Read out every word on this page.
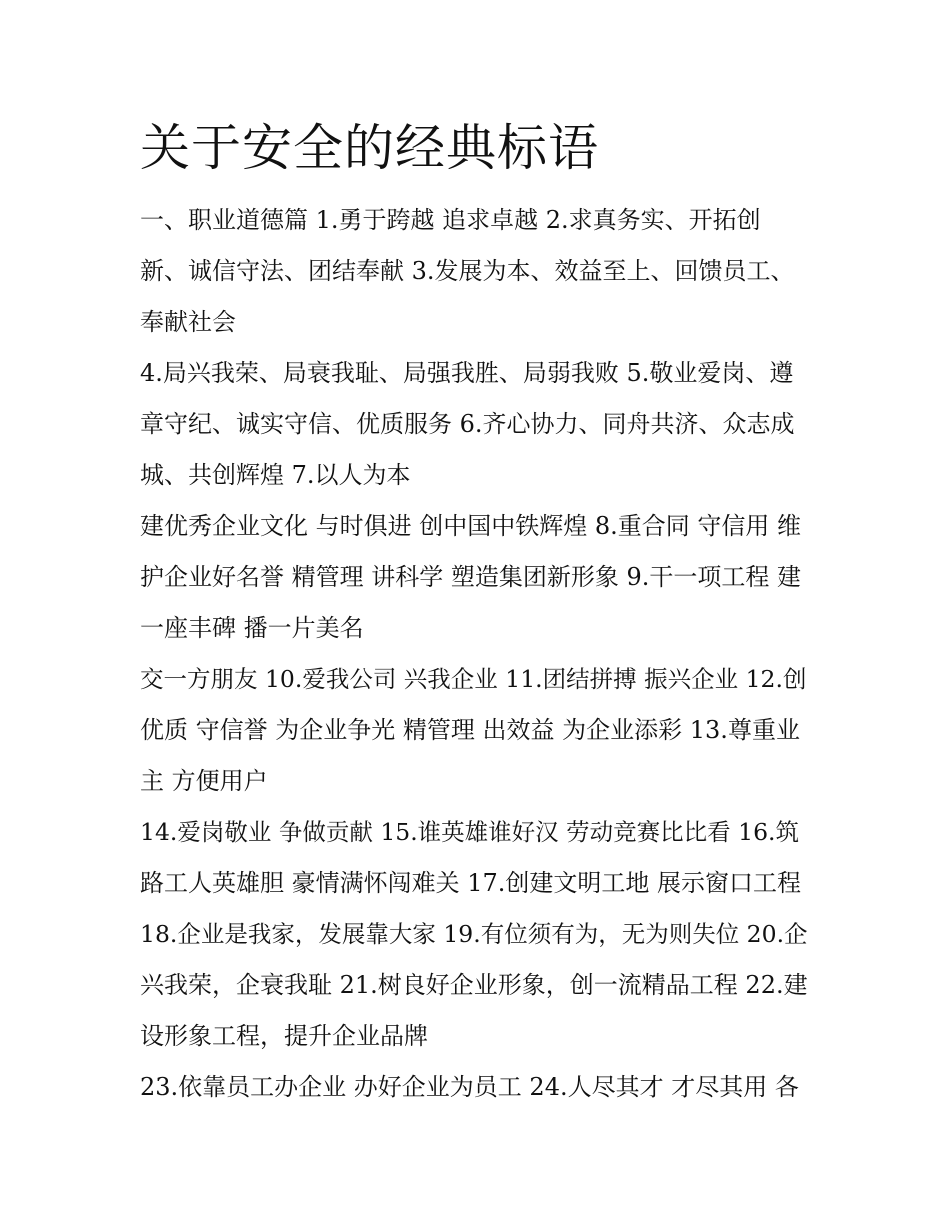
关于安全的经典标语

一、职业道德篇 1.勇于跨越 追求卓越 2.求真务实、开拓创

新、诚信守法、团结奉献 3.发展为本、效益至上、回馈员工、

奉献社会

4.局兴我荣、局衰我耻、局强我胜、局弱我败 5.敬业爱岗、遵

章守纪、诚实守信、优质服务 6.齐心协力、同舟共济、众志成

城、共创辉煌 7.以人为本

建优秀企业文化 与时俱进 创中国中铁辉煌 8.重合同 守信用 维

护企业好名誉 精管理 讲科学 塑造集团新形象 9.干一项工程 建

一座丰碑 播一片美名

交一方朋友 10.爱我公司 兴我企业 11.团结拼搏 振兴企业 12.创

优质 守信誉 为企业争光 精管理 出效益 为企业添彩 13.尊重业

主 方便用户

14.爱岗敬业 争做贡献 15.谁英雄谁好汉 劳动竞赛比比看 16.筑

路工人英雄胆 豪情满怀闯难关 17.创建文明工地 展示窗口工程

18.企业是我家，发展靠大家 19.有位须有为，无为则失位 20.企

兴我荣，企衰我耻 21.树良好企业形象，创一流精品工程 22.建

设形象工程，提升企业品牌

23.依靠员工办企业 办好企业为员工 24.人尽其才 才尽其用 各
